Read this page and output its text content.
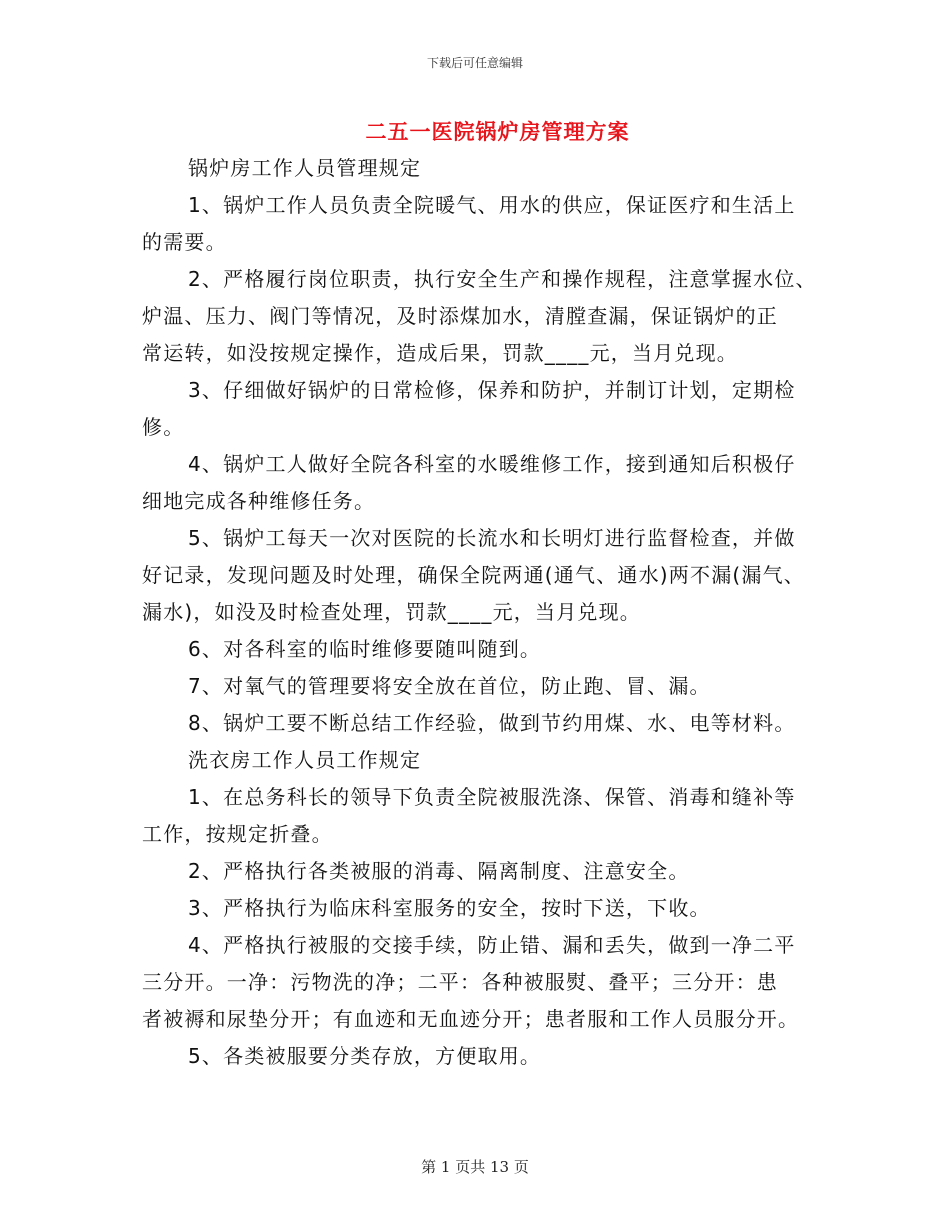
下载后可任意编辑
二五一医院锅炉房管理方案
锅炉房工作人员管理规定
1、锅炉工作人员负责全院暖气、用水的供应，保证医疗和生活上
的需要。
2、严格履行岗位职责，执行安全生产和操作规程，注意掌握水位、
炉温、压力、阀门等情况，及时添煤加水，清膛查漏，保证锅炉的正
常运转，如没按规定操作，造成后果，罚款____元，当月兑现。
3、仔细做好锅炉的日常检修，保养和防护，并制订计划，定期检
修。
4、锅炉工人做好全院各科室的水暖维修工作，接到通知后积极仔
细地完成各种维修任务。
5、锅炉工每天一次对医院的长流水和长明灯进行监督检查，并做
好记录，发现问题及时处理，确保全院两通(通气、通水)两不漏(漏气、
漏水)，如没及时检查处理，罚款____元，当月兑现。
6、对各科室的临时维修要随叫随到。
7、对氧气的管理要将安全放在首位，防止跑、冒、漏。
8、锅炉工要不断总结工作经验，做到节约用煤、水、电等材料。
洗衣房工作人员工作规定
1、在总务科长的领导下负责全院被服洗涤、保管、消毒和缝补等
工作，按规定折叠。
2、严格执行各类被服的消毒、隔离制度、注意安全。
3、严格执行为临床科室服务的安全，按时下送，下收。
4、严格执行被服的交接手续，防止错、漏和丢失，做到一净二平
三分开。一净：污物洗的净；二平：各种被服熨、叠平；三分开：患
者被褥和尿垫分开；有血迹和无血迹分开；患者服和工作人员服分开。
5、各类被服要分类存放，方便取用。
第 1 页共 13 页
